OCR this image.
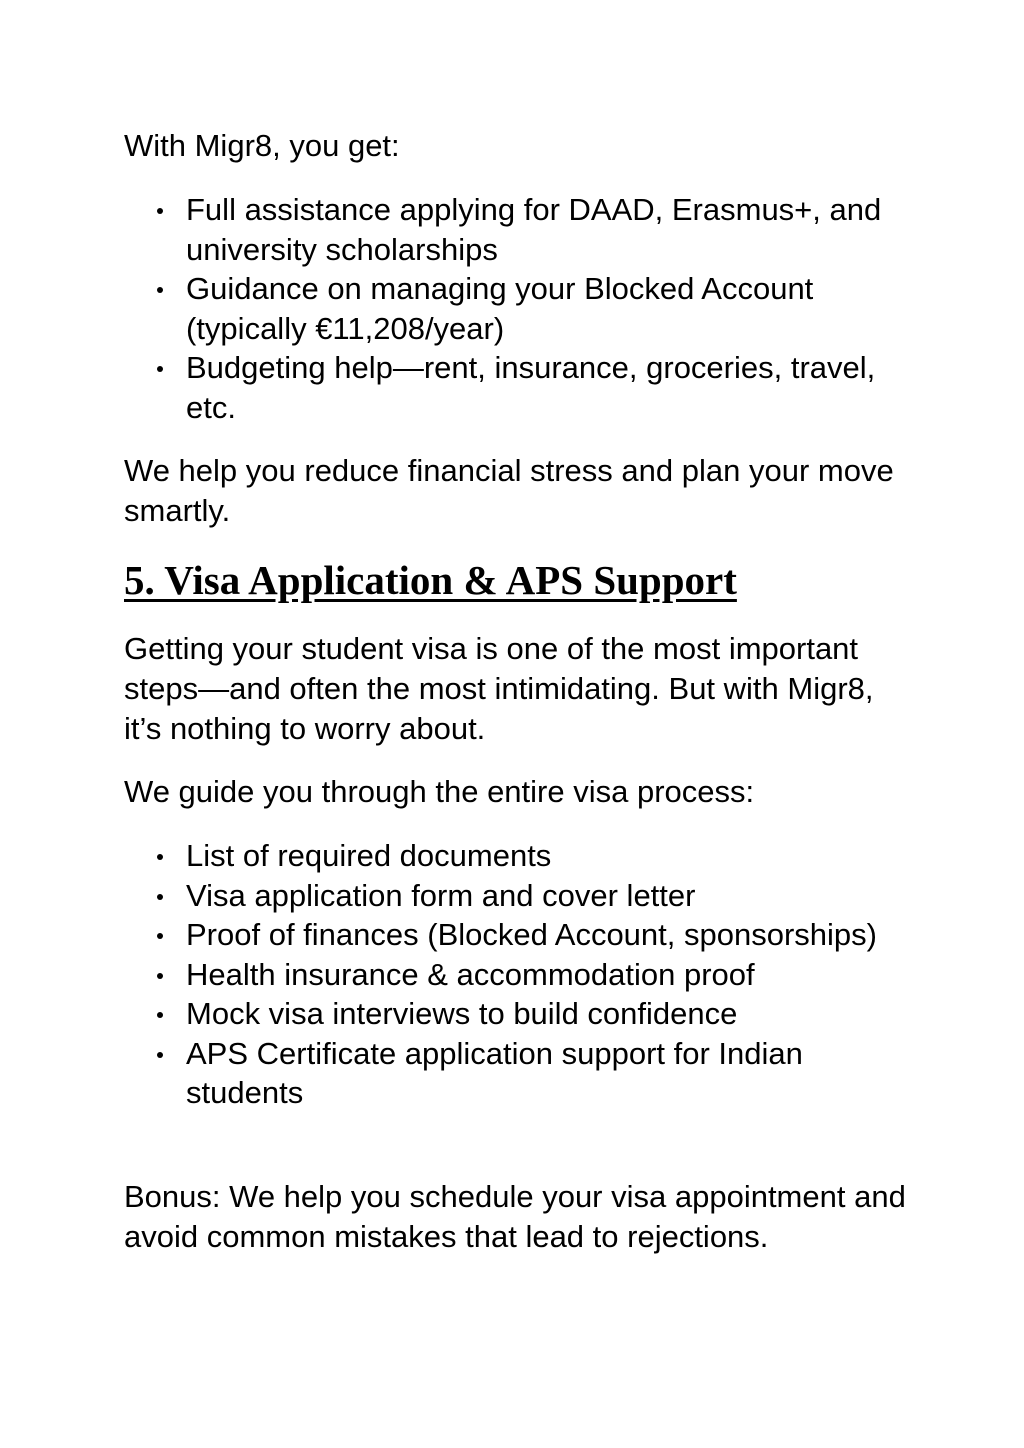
With Migr8, you get:

Full assistance applying for DAAD, Erasmus+, and university scholarships
Guidance on managing your Blocked Account (typically €11,208/year)
Budgeting help—rent, insurance, groceries, travel, etc.

We help you reduce financial stress and plan your move smartly.

5. Visa Application & APS Support

Getting your student visa is one of the most important steps—and often the most intimidating. But with Migr8, it’s nothing to worry about.

We guide you through the entire visa process:

List of required documents
Visa application form and cover letter
Proof of finances (Blocked Account, sponsorships)
Health insurance & accommodation proof
Mock visa interviews to build confidence
APS Certificate application support for Indian students

Bonus: We help you schedule your visa appointment and avoid common mistakes that lead to rejections.
